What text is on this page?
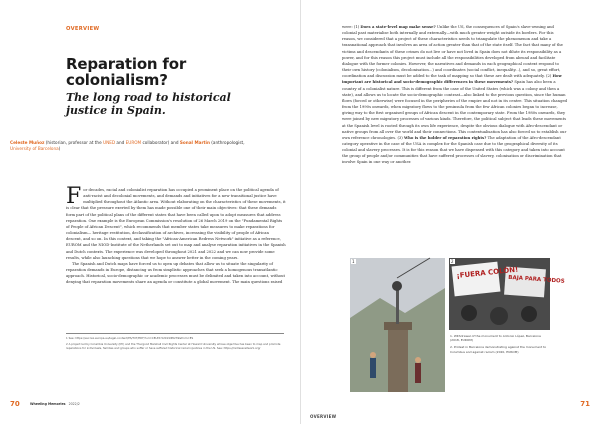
OVERVIEW
Reparation for colonialism?
The long road to historical justice in Spain.
Celeste Muñoz (historian, professor at the UNED and EUROM collaborator) and Sonal Martin (anthropologist, University of Barcelona)

For decades, racial and colonialist reparation has occupied a prominent place on the political agenda of anti-racist and decolonial movements, and demands and initiatives for a new transitional justice have multiplied throughout the Atlantic area. Without elaborating on the characteristics of these movements, it is clear that the pressure exerted by them has made possible one of their main objectives: that these demands form part of the political plans of the different states that have been called upon to adopt measures that address reparation. One example is the European Commission's resolution of 26 March 2019 on the "Fundamental Rights of People of African Descent", which recommends that member states take measures to make reparations for colonialism— heritage restitution, declassification of archives, increasing the visibility of people of African descent, and so on. In this context, and taking the "African-American Redress Network" initiative as a reference, EUROM and the NIOD-Institute of the Netherlands set out to map and analyse reparation initiatives in the Spanish and Dutch contexts. The experience was developed throughout 2021 and 2022 and we can now provide some results, while also launching questions that we hope to answer better in the coming years.

The Spanish and Dutch maps have forced us to open up debates that allow us to situate the singularity of reparation demands in Europe, distancing us from simplistic approaches that seek a homogenous transatlantic approach. Historical, socio-demographic or academic processes must be delimited and taken into account, without denying that reparation movements share an agenda or constitute a global movement. The main questions raised

1 See: https://eur-lex.europa.eu/legal-content/ES/TXT/PDF/?uri=CELEX:52019IP0239&from=ES

2 A project led by Columbia University (NY) and the Thurgood Marshall Civil Rights Center at Howard University whose objective has been to map and promote reparations for individuals, families and groups who suffer or have suffered historical racial injustices in the US. See: https://redressnetwork.org/

70	Wheeling Memories 2022/2

were: (1) Does a state-level map make sense? Unlike the US, the consequences of Spain's slave-owning and colonial past materialise both internally and externally—with much greater weight outside its borders. For this reason, we considered that a project of these characteristics needs to triangulate the phenomenon and take a transnational approach that involves an area of action greater than that of the state itself. The fact that many of the victims and descendants of these crimes do not live or have not lived in Spain does not dilute its responsibility as a power, and for this reason this project must include all the responsibilities developed from abroad and facilitate dialogue with the former colonies. However, the narratives and demands in each geographical context respond to their own history (colonialism, decolonisation...) and coordinates (social conflict, inequality...), and so, great effort, coordination and discussion must be added to the task of mapping so that these are dealt with adequately. (2) How important are historical and socio-demographic differences in these movements? Spain has also been a country of a colonialist nature. This is different from the case of the United States (which was a colony and then a state), and allows us to locate the socio-demographic contrast—also linked to the previous question, since the human flows (forced or otherwise) were focused in the peripheries of the empire and not in its centre. This situation changed from the 1990s onwards, when migratory flows to the peninsula from the few African colonies began to increase, giving way to the first organised groups of African descent in the contemporary state. From the 1980s onwards, they were joined by new migratory processes of various kinds. Therefore, the political subject that leads these movements at the Spanish level is rooted through its own life experience, despite the obvious dialogue with Afro-descendant or native groups from all over the world and their connections. This contextualisation has also forced us to establish our own reference chronologies. (3) Who is the holder of reparation rights? The adaptation of the Afro-descendant category operative in the case of the USA is complex for the Spanish case due to the geographical diversity of its colonial and slavery processes. It is for this reason that we have dispensed with this category and taken into account the group of people and/or communities that have suffered processes of slavery, colonisation or discrimination that involve Spain in one way or another.

1
¡FUERA COLÓN!
BAJA PARA TODOS
2

1. Withdrawal of the monument to Antonio López, Barcelona (2018, EUROM)

2. Protest in Barcelona demonstrating against the monument to Columbus and against racism (2020, EUROM)

OVERVIEW
71
